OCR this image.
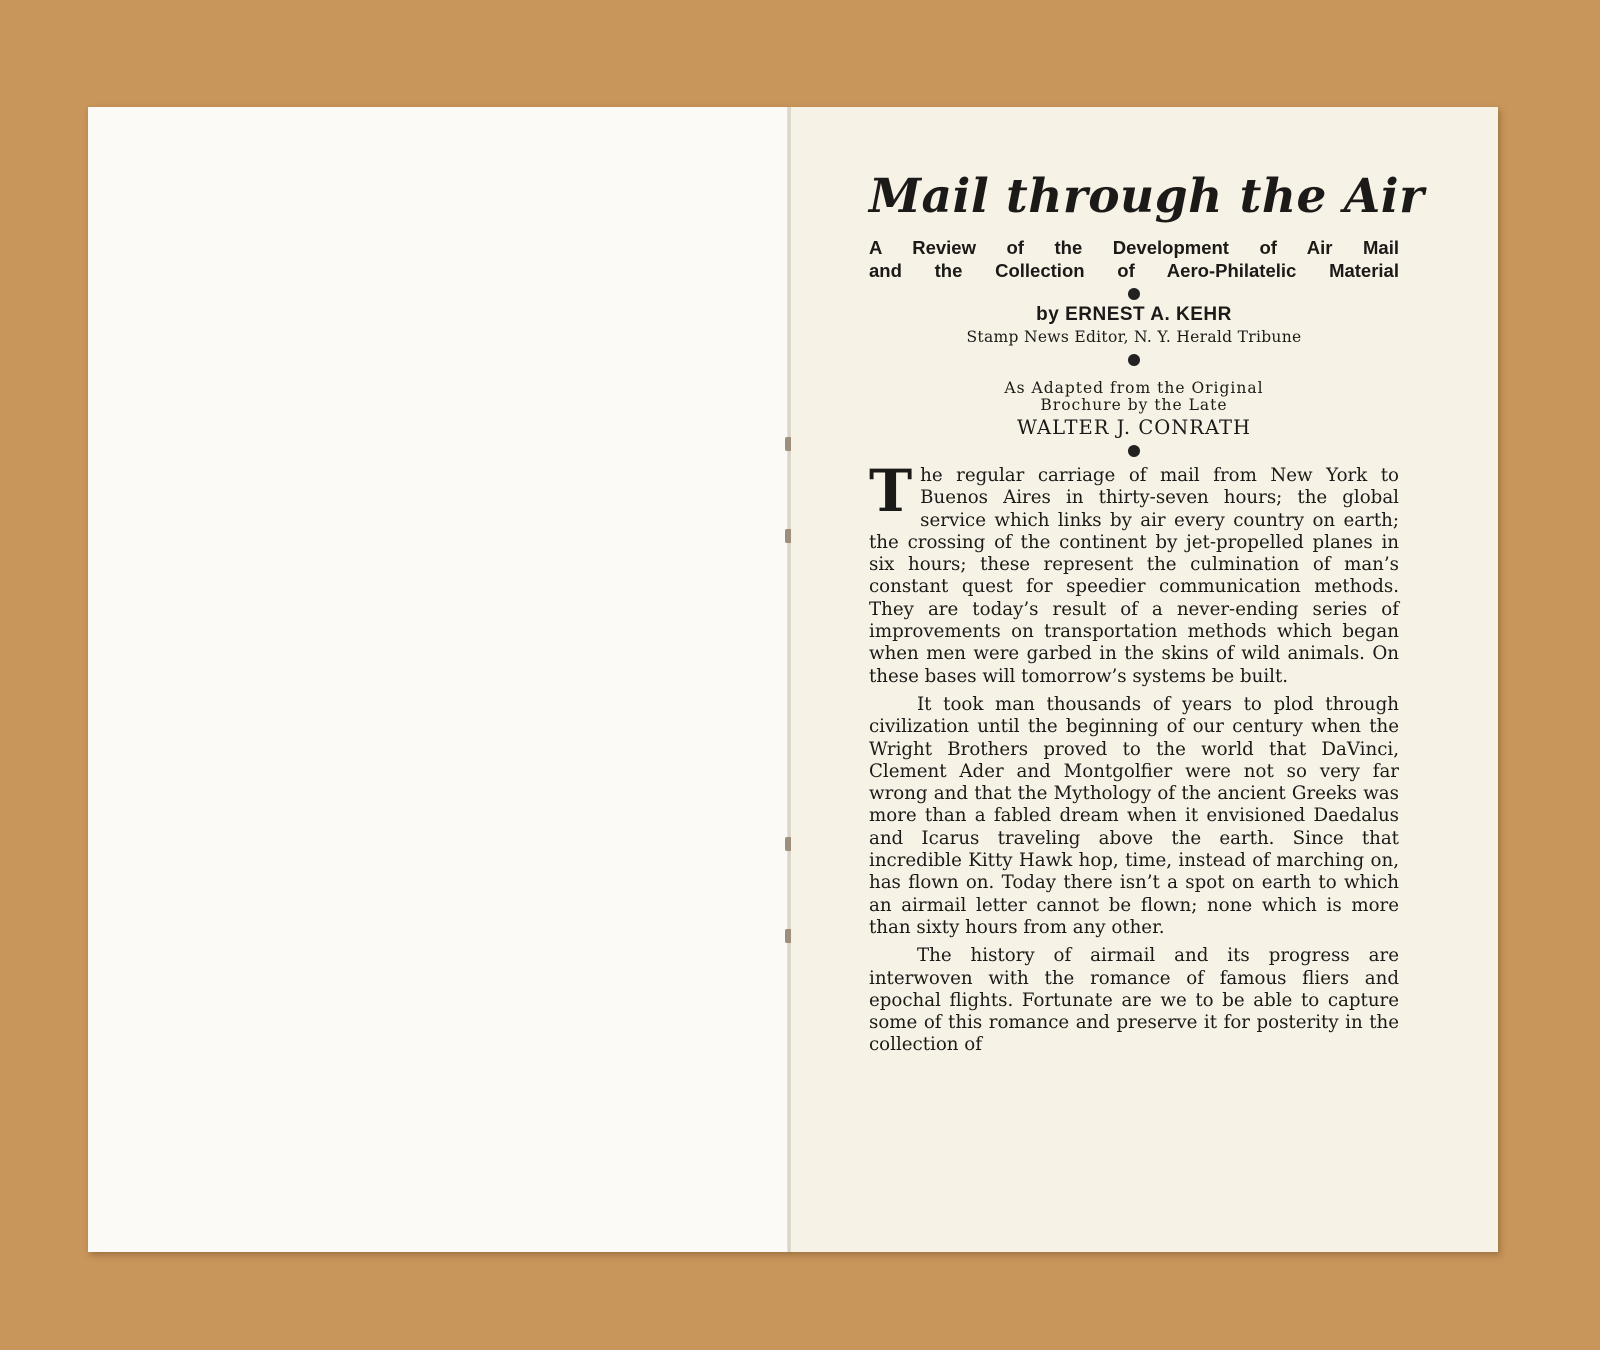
Mail through the Air

A Review of the Development of Air Mail

and the Collection of Aero-Philatelic Material

by ERNEST A. KEHR

Stamp News Editor, N. Y. Herald Tribune

As Adapted from the Original

Brochure by the Late

WALTER J. CONRATH

The regular carriage of mail from New York to Buenos Aires in thirty-seven hours; the global service which links by air every country on earth; the crossing of the continent by jet-propelled planes in six hours; these represent the culmination of man’s constant quest for speedier communication methods. They are today’s result of a never-ending series of improvements on transportation methods which began when men were garbed in the skins of wild animals. On these bases will tomorrow’s systems be built.

It took man thousands of years to plod through civilization until the beginning of our century when the Wright Brothers proved to the world that DaVinci, Clement Ader and Montgolfier were not so very far wrong and that the Mythology of the ancient Greeks was more than a fabled dream when it envisioned Daedalus and Icarus traveling above the earth. Since that incredible Kitty Hawk hop, time, instead of marching on, has flown on. Today there isn’t a spot on earth to which an airmail letter cannot be flown; none which is more than sixty hours from any other.

The history of airmail and its progress are interwoven with the romance of famous fliers and epochal flights. Fortunate are we to be able to capture some of this romance and preserve it for posterity in the collection of
